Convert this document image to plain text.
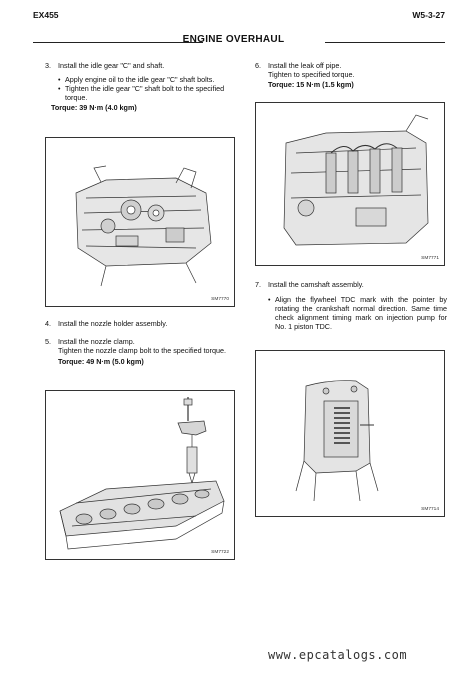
EX455	W5-3-27
ENGINE OVERHAUL
3. Install the idle gear "C" and shaft.
• Apply engine oil to the idle gear "C" shaft bolts.
• Tighten the idle gear "C" shaft bolt to the specified torque.
Torque: 39 N·m (4.0 kgm)
SM7770
4. Install the nozzle holder assembly.
5. Install the nozzle clamp.
Tighten the nozzle clamp bolt to the specified torque.
Torque: 49 N·m (5.0 kgm)
SM7722
6. Install the leak off pipe.
Tighten to specified torque.
Torque: 15 N·m (1.5 kgm)
SM7771
7. Install the camshaft assembly.
• Align the flywheel TDC mark with the pointer by rotating the crankshaft normal direction. Same time check alignment timing mark on injection pump for No. 1 piston TDC.
SM7714
www.epcatalogs.com
